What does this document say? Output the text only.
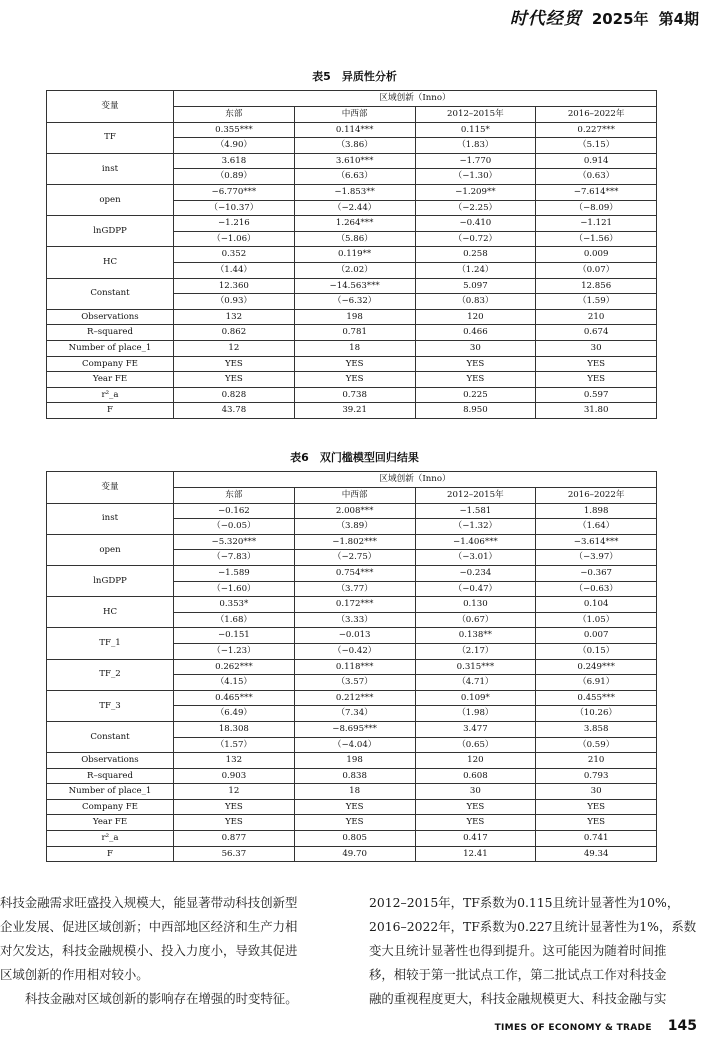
时代经贸 2025年 第4期
表5　异质性分析
变量	区域创新（Inno）			
	东部	中西部	2012–2015年	2016–2022年
TF	0.355***	0.114***	0.115*	0.227***
	（4.90）	（3.86）	（1.83）	（5.15）
inst	3.618	3.610***	−1.770	0.914
	（0.89）	（6.63）	（−1.30）	（0.63）
open	−6.770***	−1.853**	−1.209**	−7.614***
	（−10.37）	（−2.44）	（−2.25）	（−8.09）
lnGDPP	−1.216	1.264***	−0.410	−1.121
	（−1.06）	（5.86）	（−0.72）	（−1.56）
HC	0.352	0.119**	0.258	0.009
	（1.44）	（2.02）	（1.24）	（0.07）
Constant	12.360	−14.563***	5.097	12.856
	（0.93）	（−6.32）	（0.83）	（1.59）
Observations	132	198	120	210
R–squared	0.862	0.781	0.466	0.674
Number of place_1	12	18	30	30
Company FE	YES	YES	YES	YES
Year FE	YES	YES	YES	YES
r²_a	0.828	0.738	0.225	0.597
F	43.78	39.21	8.950	31.80
表6　双门槛模型回归结果
变量	区域创新（Inno）			
	东部	中西部	2012–2015年	2016–2022年
inst	−0.162	2.008***	−1.581	1.898
	（−0.05）	（3.89）	（−1.32）	（1.64）
open	−5.320***	−1.802***	−1.406***	−3.614***
	（−7.83）	（−2.75）	（−3.01）	（−3.97）
lnGDPP	−1.589	0.754***	−0.234	−0.367
	（−1.60）	（3.77）	（−0.47）	（−0.63）
HC	0.353*	0.172***	0.130	0.104
	（1.68）	（3.33）	（0.67）	（1.05）
TF_1	−0.151	−0.013	0.138**	0.007
	（−1.23）	（−0.42）	（2.17）	（0.15）
TF_2	0.262***	0.118***	0.315***	0.249***
	（4.15）	（3.57）	（4.71）	（6.91）
TF_3	0.465***	0.212***	0.109*	0.455***
	（6.49）	（7.34）	（1.98）	（10.26）
Constant	18.308	−8.695***	3.477	3.858
	（1.57）	（−4.04）	（0.65）	（0.59）
Observations	132	198	120	210
R–squared	0.903	0.838	0.608	0.793
Number of place_1	12	18	30	30
Company FE	YES	YES	YES	YES
Year FE	YES	YES	YES	YES
r²_a	0.877	0.805	0.417	0.741
F	56.37	49.70	12.41	49.34

科技金融需求旺盛投入规模大，能显著带动科技创新型

企业发展、促进区域创新；中西部地区经济和生产力相

对欠发达，科技金融规模小、投入力度小，导致其促进

区域创新的作用相对较小。

科技金融对区域创新的影响存在增强的时变特征。

2012–2015年，TF系数为0.115且统计显著性为10%，

2016–2022年，TF系数为0.227且统计显著性为1%，系数

变大且统计显著性也得到提升。这可能因为随着时间推

移，相较于第一批试点工作，第二批试点工作对科技金

融的重视程度更大，科技金融规模更大、科技金融与实

TIMES OF ECONOMY & TRADE 145
